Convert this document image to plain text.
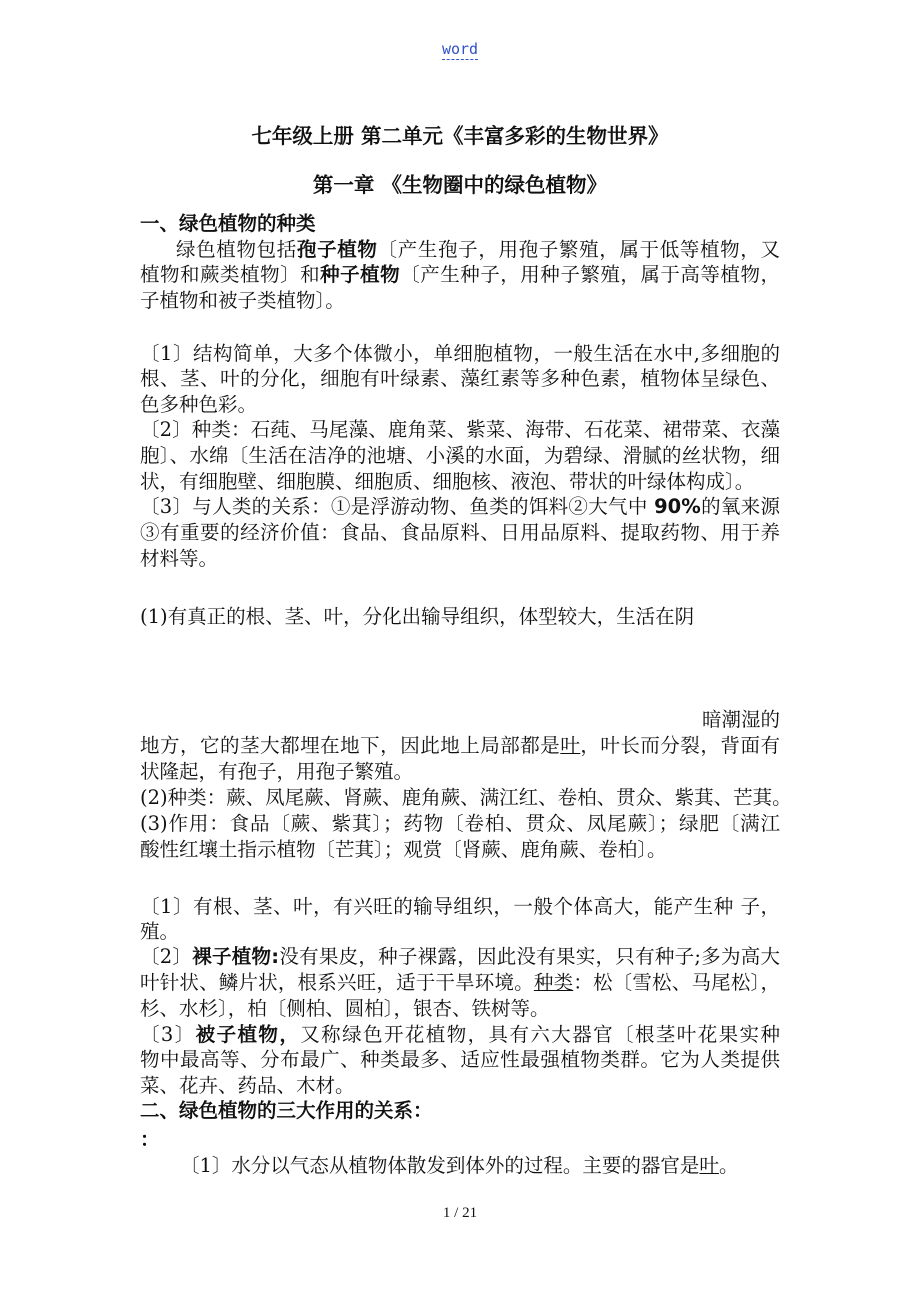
word
七年级上册 第二单元《丰富多彩的生物世界》
第一章 《生物圈中的绿色植物》
一、绿色植物的种类
绿色植物包括孢子植物〔产生孢子，用孢子繁殖，属于低等植物，又
植物和蕨类植物〕和种子植物〔产生种子，用种子繁殖，属于高等植物，
子植物和被子类植物〕。
〔1〕结构简单，大多个体微小，单细胞植物，一般生活在水中,多细胞的
根、茎、叶的分化，细胞有叶绿素、藻红素等多种色素，植物体呈绿色、
色多种色彩。
〔2〕种类：石莼、马尾藻、鹿角菜、紫菜、海带、石花菜、裙带菜、衣藻
胞〕、水绵〔生活在洁净的池塘、小溪的水面，为碧绿、滑腻的丝状物，细
状，有细胞壁、细胞膜、细胞质、细胞核、液泡、带状的叶绿体构成〕。
〔3〕与人类的关系：①是浮游动物、鱼类的饵料②大气中 90%的氧来源
③有重要的经济价值：食品、食品原料、日用品原料、提取药物、用于养
材料等。
(1)有真正的根、茎、叶，分化出输导组织，体型较大，生活在阴
暗潮湿的
地方，它的茎大都埋在地下，因此地上局部都是叶，叶长而分裂，背面有
状隆起，有孢子，用孢子繁殖。
(2)种类：蕨、凤尾蕨、肾蕨、鹿角蕨、满江红、卷柏、贯众、紫萁、芒萁。
(3)作用：食品〔蕨、紫萁〕；药物〔卷柏、贯众、凤尾蕨〕；绿肥〔满江
酸性红壤土指示植物〔芒萁〕；观赏〔肾蕨、鹿角蕨、卷柏〕。
〔1〕有根、茎、叶，有兴旺的输导组织，一般个体高大，能产生种 子，
殖。
〔2〕裸子植物:没有果皮，种子裸露，因此没有果实，只有种子;多为高大
叶针状、鳞片状，根系兴旺，适于干旱环境。种类：松〔雪松、马尾松〕，
杉、水杉〕，柏〔侧柏、圆柏〕，银杏、铁树等。
〔3〕被子植物，又称绿色开花植物，具有六大器官〔根茎叶花果实种
物中最高等、分布最广、种类最多、适应性最强植物类群。它为人类提供
菜、花卉、药品、木材。
二、绿色植物的三大作用的关系：
：
〔1〕水分以气态从植物体散发到体外的过程。主要的器官是叶。
1 / 21
